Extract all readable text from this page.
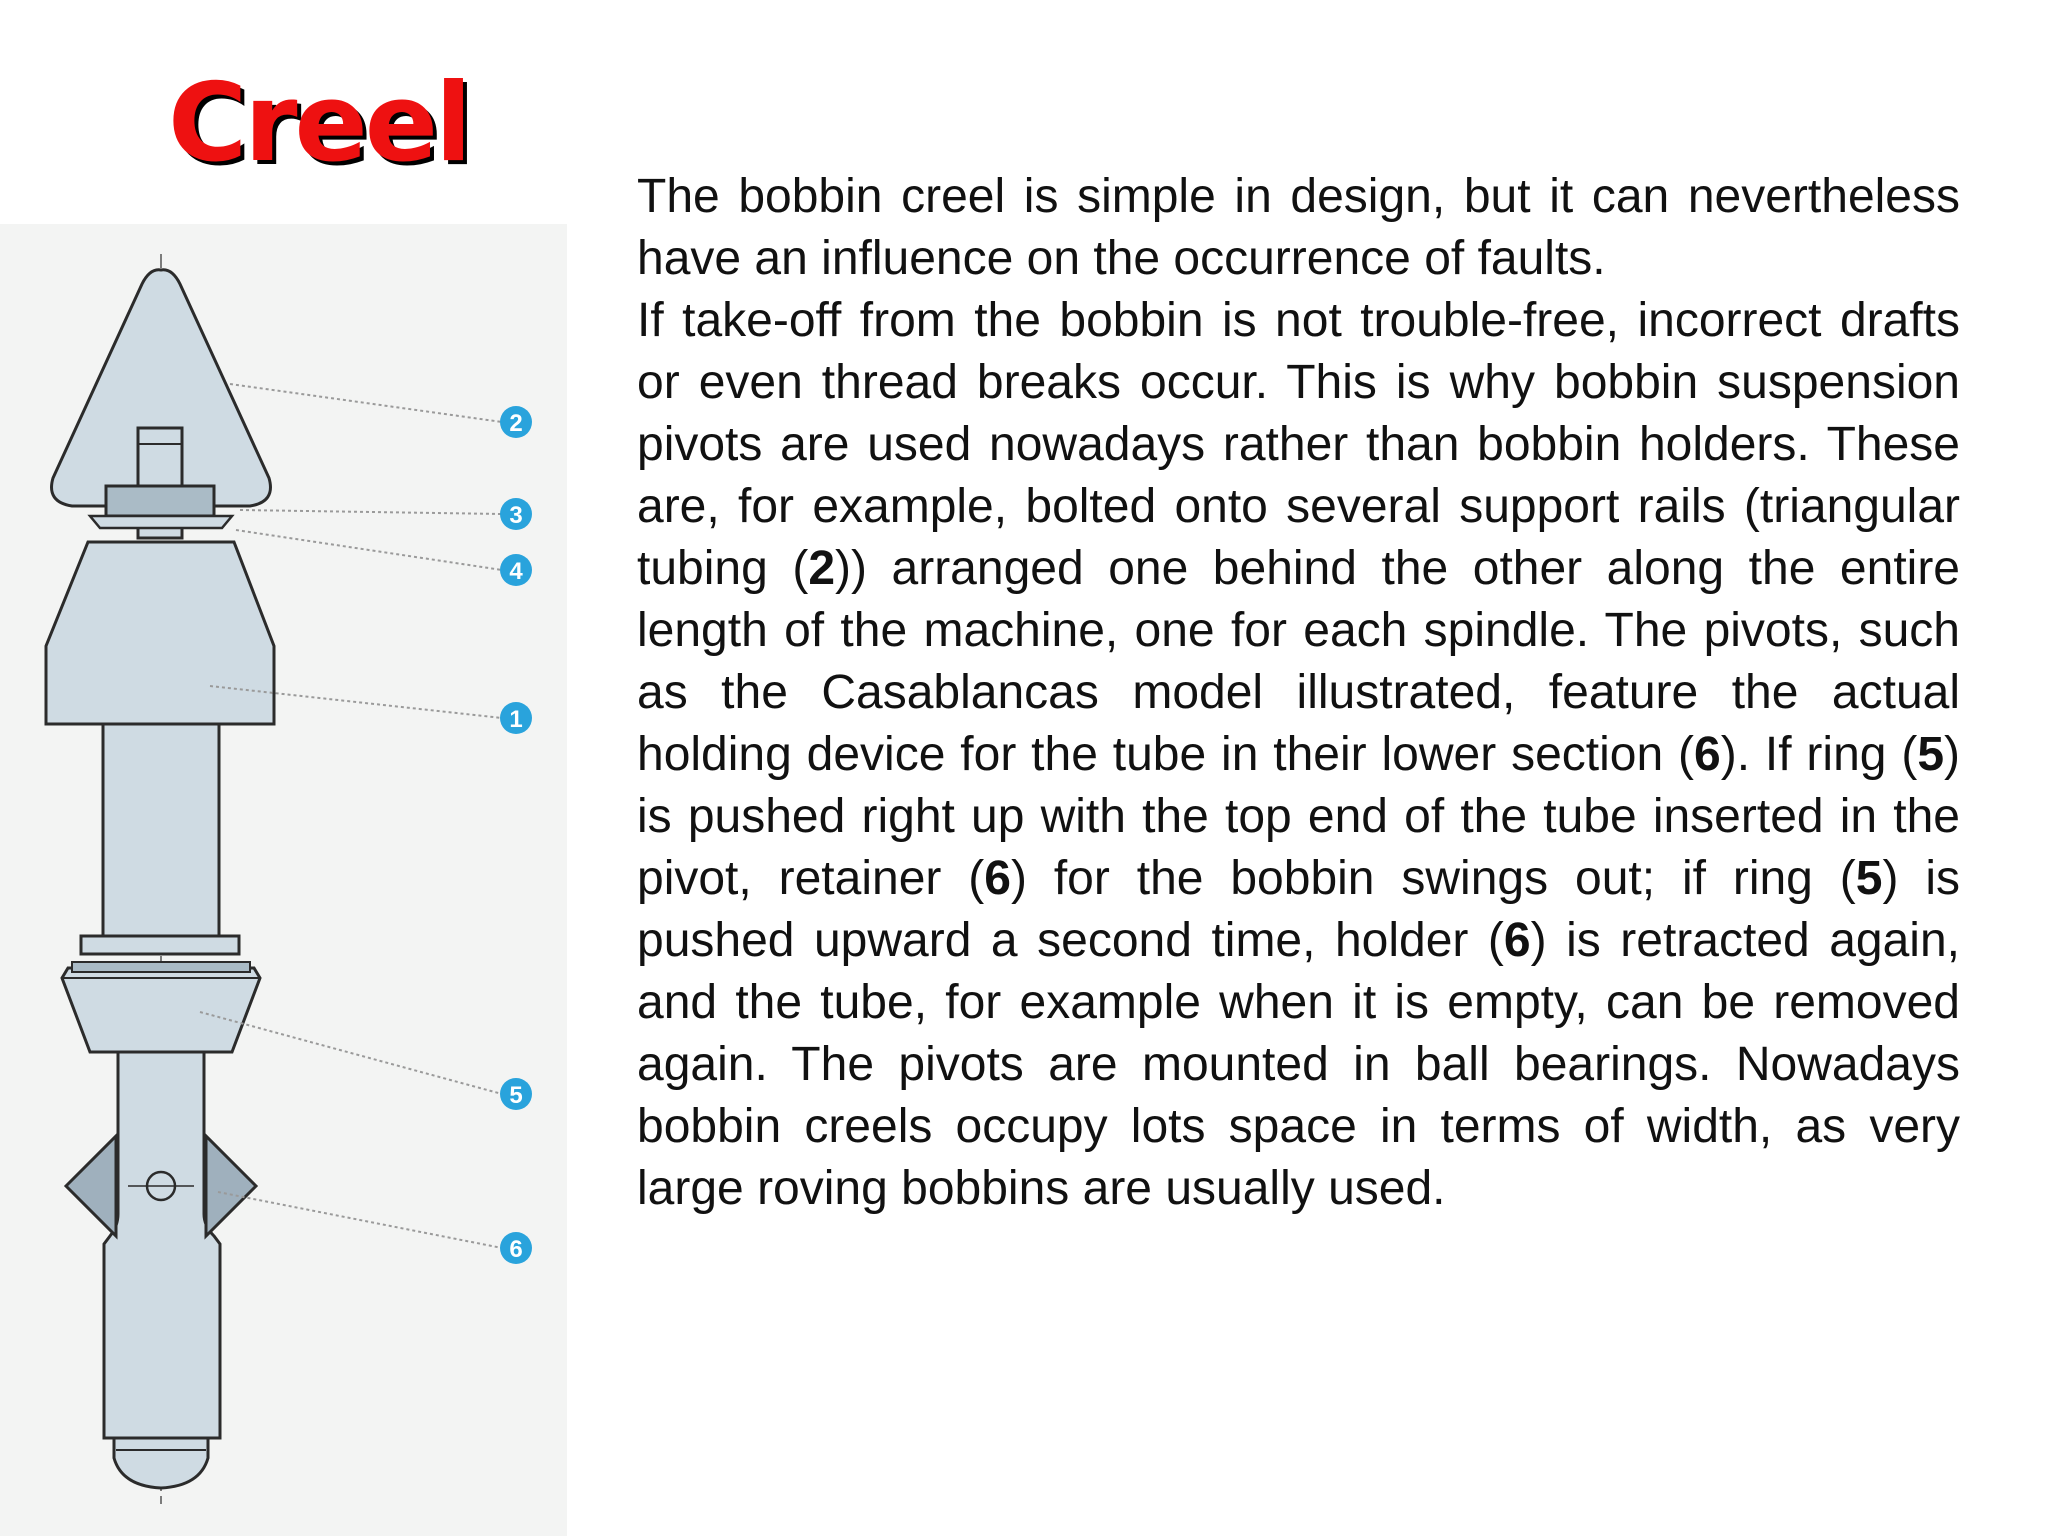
Creel
2
3
4
1
5
6

The bobbin creel is simple in design, but it can nevertheless have an influence on the occurrence of faults.

If take-off from the bobbin is not trouble-free, incorrect drafts or even thread breaks occur. This is why bobbin suspension pivots are used nowadays rather than bobbin holders. These are, for example, bolted onto several support rails (triangular tubing (2)) arranged one behind the other along the entire length of the machine, one for each spindle. The pivots, such as the Casablancas model illustrated, feature the actual holding device for the tube in their lower section (6). If ring (5) is pushed right up with the top end of the tube inserted in the pivot, retainer (6) for the bobbin swings out; if ring (5) is pushed upward a second time, holder (6) is retracted again, and the tube, for example when it is empty, can be removed again. The pivots are mounted in ball bearings. Nowadays bobbin creels occupy lots space in terms of width, as very large roving bobbins are usually used.
